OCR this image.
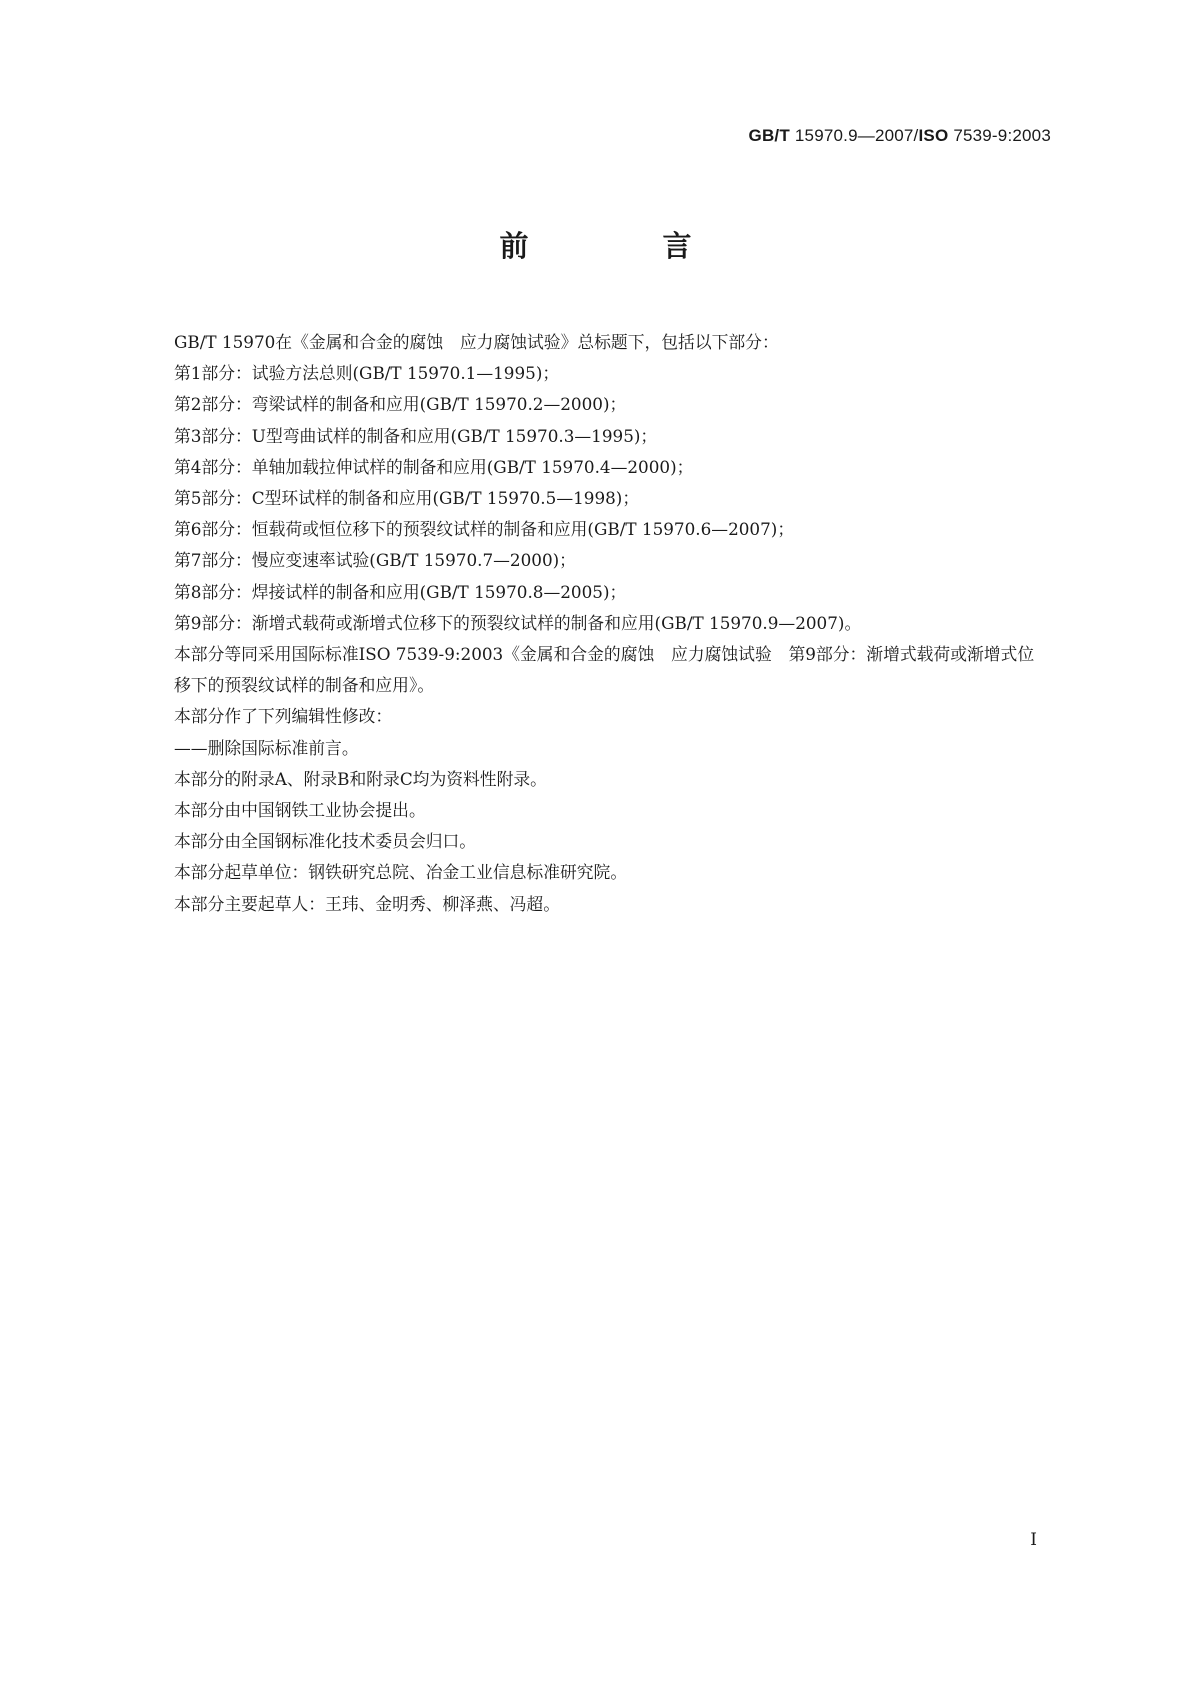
GB/T 15970.9—2007/ISO 7539-9:2003
前 言

GB/T 15970在《金属和合金的腐蚀　应力腐蚀试验》总标题下，包括以下部分：

第1部分：试验方法总则(GB/T 15970.1—1995)；

第2部分：弯梁试样的制备和应用(GB/T 15970.2—2000)；

第3部分：U型弯曲试样的制备和应用(GB/T 15970.3—1995)；

第4部分：单轴加载拉伸试样的制备和应用(GB/T 15970.4—2000)；

第5部分：C型环试样的制备和应用(GB/T 15970.5—1998)；

第6部分：恒载荷或恒位移下的预裂纹试样的制备和应用(GB/T 15970.6—2007)；

第7部分：慢应变速率试验(GB/T 15970.7—2000)；

第8部分：焊接试样的制备和应用(GB/T 15970.8—2005)；

第9部分：渐增式载荷或渐增式位移下的预裂纹试样的制备和应用(GB/T 15970.9—2007)。

本部分等同采用国际标准ISO 7539-9:2003《金属和合金的腐蚀　应力腐蚀试验　第9部分：渐增式载荷或渐增式位移下的预裂纹试样的制备和应用》。

本部分作了下列编辑性修改：

——删除国际标准前言。

本部分的附录A、附录B和附录C均为资料性附录。

本部分由中国钢铁工业协会提出。

本部分由全国钢标准化技术委员会归口。

本部分起草单位：钢铁研究总院、冶金工业信息标准研究院。

本部分主要起草人：王玮、金明秀、柳泽燕、冯超。

I
